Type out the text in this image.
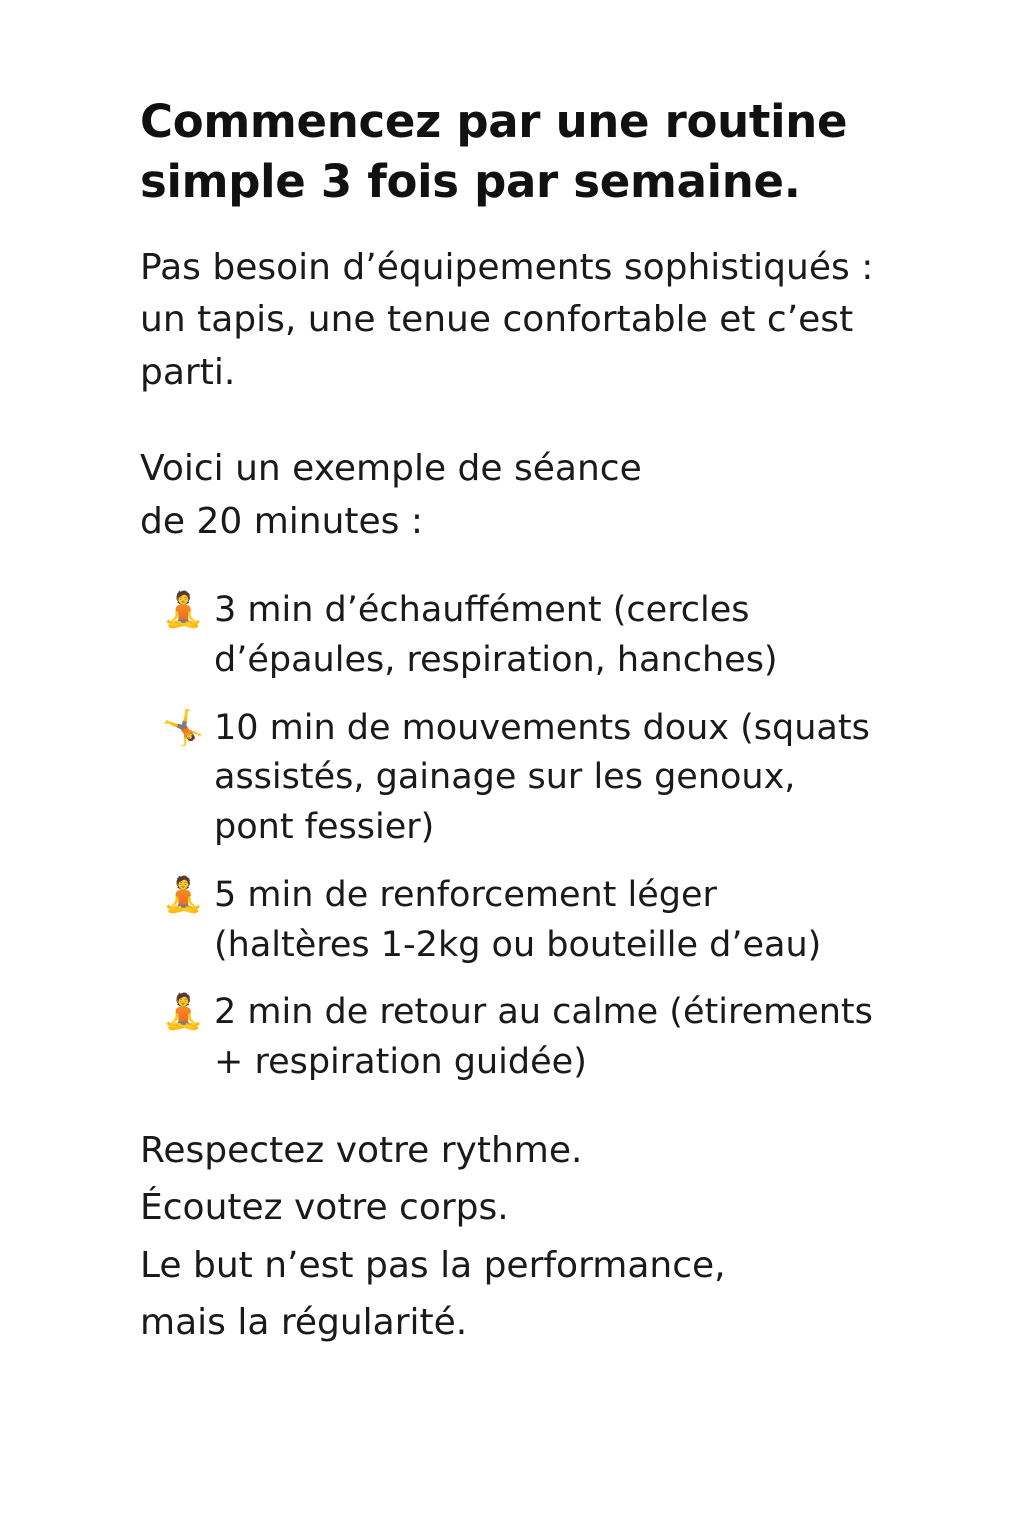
Commencez par une routine simple 3 fois par semaine.

Pas besoin d’équipements sophistiqués : un tapis, une tenue confortable et c’est parti.

Voici un exemple de séance
de 20 minutes :

🧘 3 min d’échauffément (cercles d’épaules, respiration, hanches)
🤸 10 min de mouvements doux (squats assistés, gainage sur les genoux, pont fessier)
🧘 5 min de renforcement léger (haltères 1-2kg ou bouteille d’eau)
🧘 2 min de retour au calme (étirements + respiration guidée)

Respectez votre rythme.
Écoutez votre corps.
Le but n’est pas la performance,
mais la régularité.
